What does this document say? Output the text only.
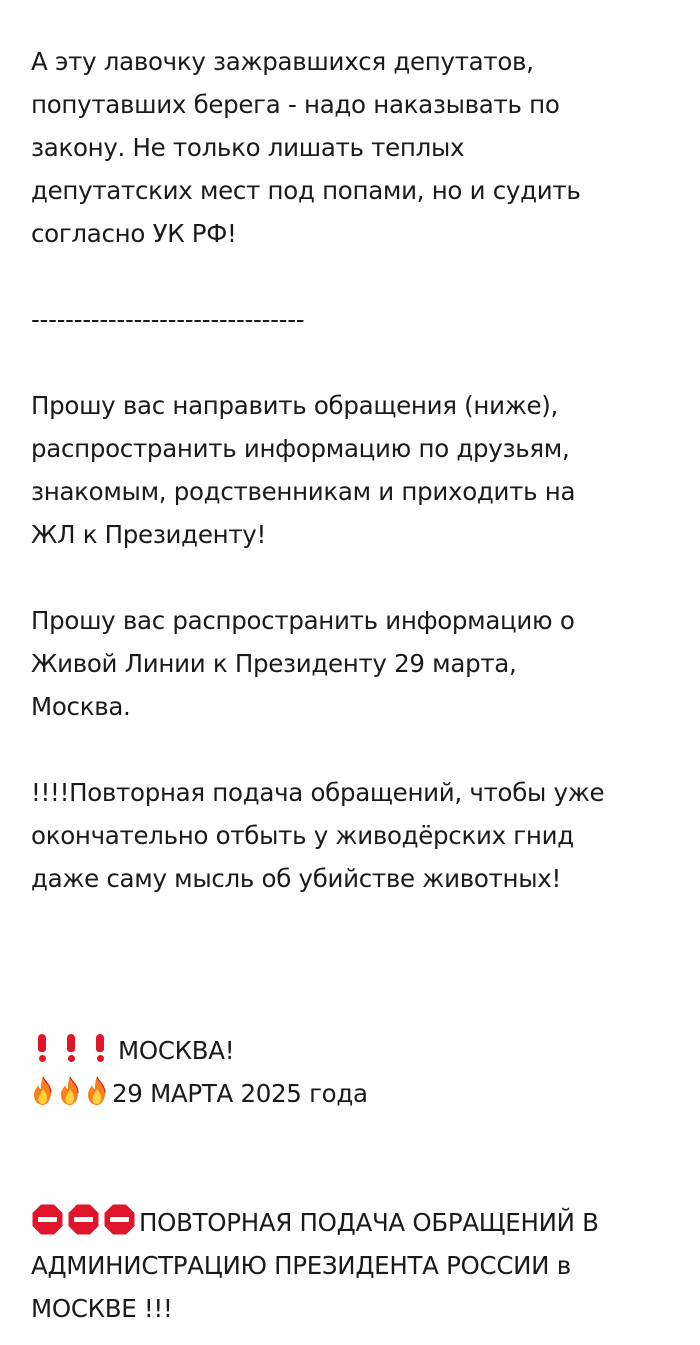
А эту лавочку зажравшихся депутатов,
попутавших берега - надо наказывать по
закону. Не только лишать теплых
депутатских мест под попами, но и судить
согласно УК РФ!

--------------------------------

Прошу вас направить обращения (ниже),
распространить информацию по друзьям,
знакомым, родственникам и приходить на
ЖЛ к Президенту!

Прошу вас распространить информацию о
Живой Линии к Президенту 29 марта,
Москва.

!!!!Повторная подача обращений, чтобы уже
окончательно отбыть у живодёрских гнид
даже саму мысль об убийстве животных!

МОСКВА!
29 МАРТА 2025 года
ПОВТОРНАЯ ПОДАЧА ОБРАЩЕНИЙ В

АДМИНИСТРАЦИЮ ПРЕЗИДЕНТА РОССИИ в

МОСКВЕ !!!
